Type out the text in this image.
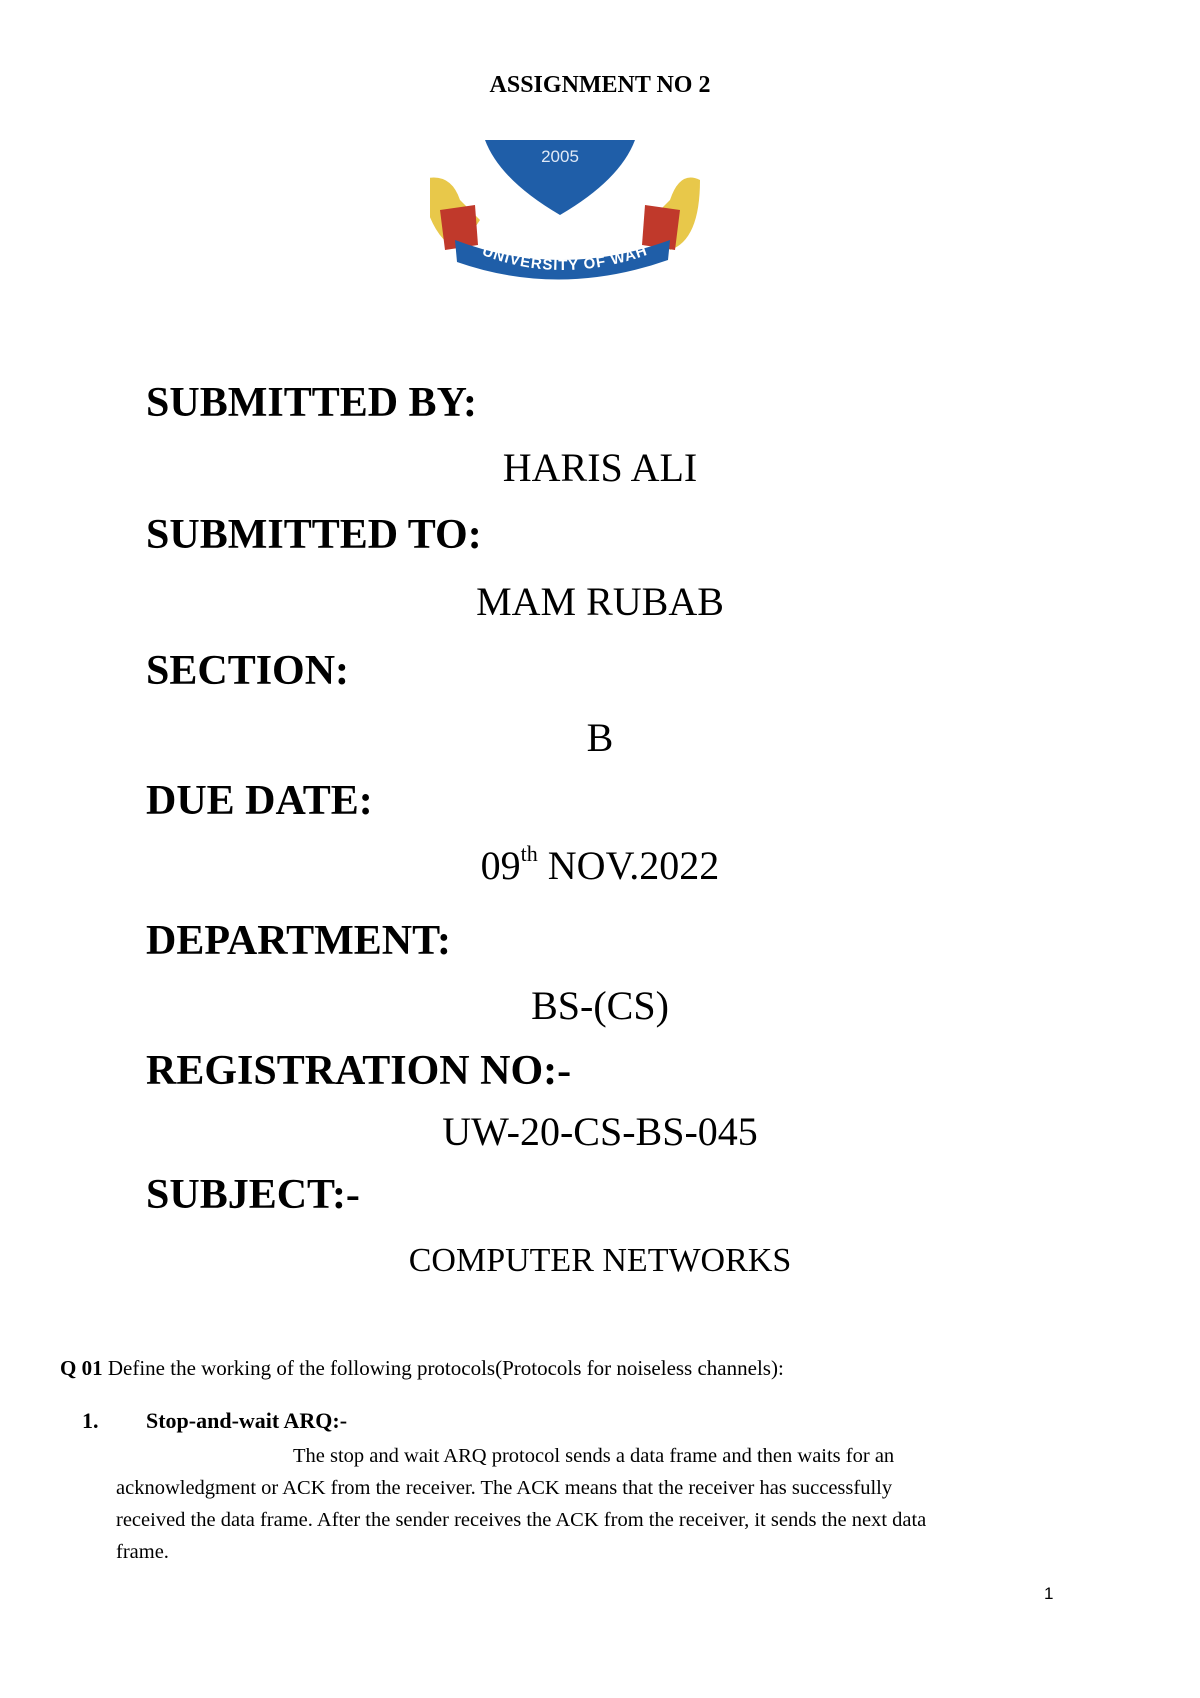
ASSIGNMENT NO 2
2005
UNIVERSITY OF WAH
SUBMITTED BY:
HARIS ALI
SUBMITTED TO:
MAM RUBAB
SECTION:
B
DUE DATE:
09th NOV.2022
DEPARTMENT:
BS-(CS)
REGISTRATION NO:-
UW-20-CS-BS-045
SUBJECT:-
COMPUTER NETWORKS
Q 01 Define the working of the following protocols(Protocols for noiseless channels):
1. Stop-and-wait ARQ:-
The stop and wait ARQ protocol sends a data frame and then waits for an
acknowledgment or ACK from the receiver. The ACK means that the receiver has successfully
received the data frame. After the sender receives the ACK from the receiver, it sends the next data
frame.
1
